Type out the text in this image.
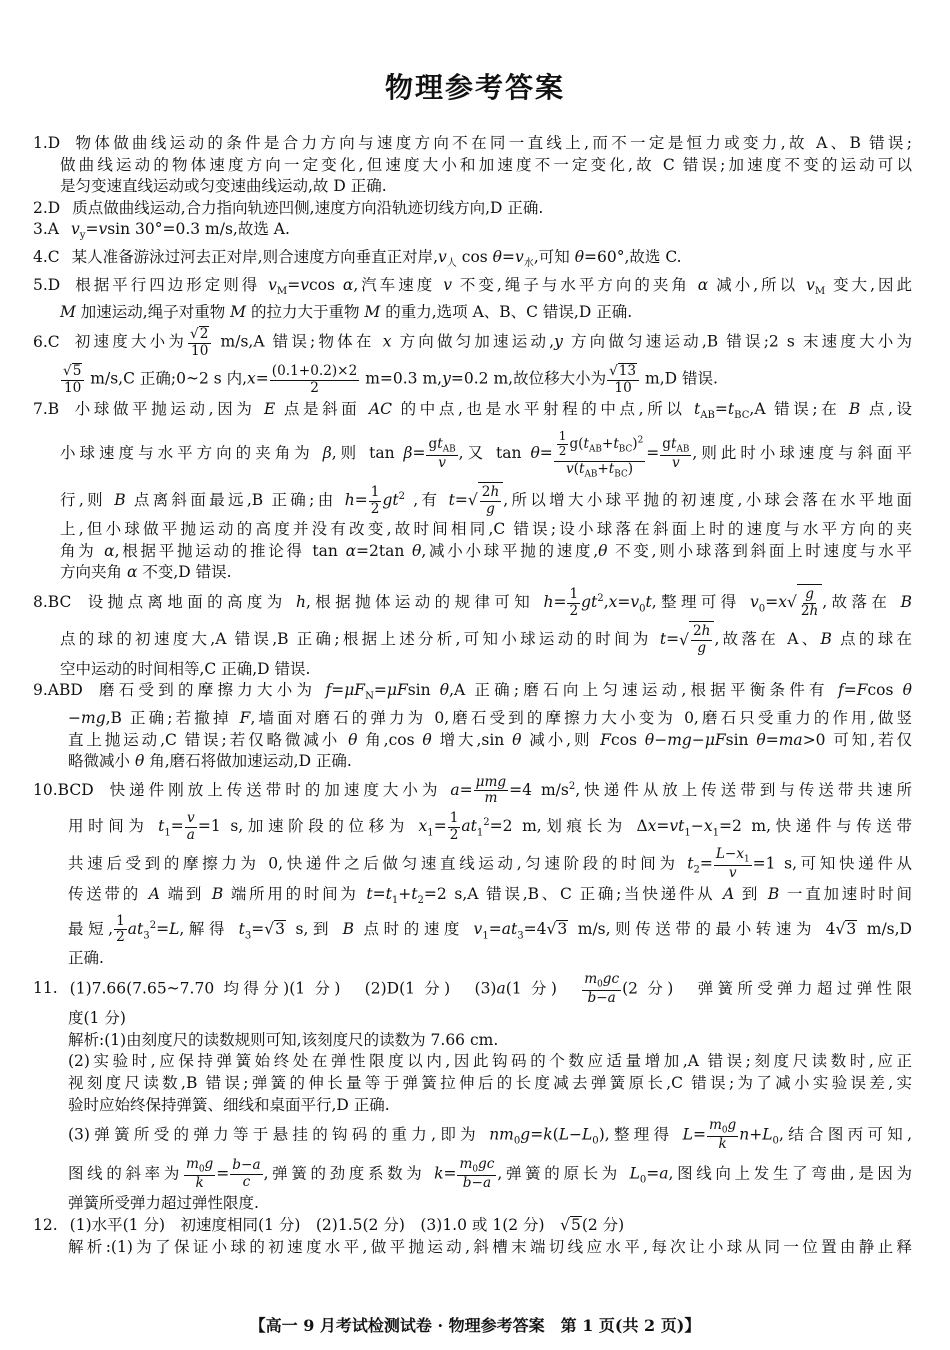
物理参考答案
1.D 物体做曲线运动的条件是合力方向与速度方向不在同一直线上,而不一定是恒力或变力,故 A、B 错误;
做曲线运动的物体速度方向一定变化,但速度大小和加速度不一定变化,故 C 错误;加速度不变的运动可以
是匀变速直线运动或匀变速曲线运动,故 D 正确.
2.D 质点做曲线运动,合力指向轨迹凹侧,速度方向沿轨迹切线方向,D 正确.
3.A $v_y=vsin$ 30°=0.3 m/s,故选 A.
4.C 某人准备游泳过河去正对岸,则合速度方向垂直正对岸$,v_人$ $\cos \theta=v_水$,可知 θ=60°,故选 C.
5.D 根据平行四边形定则得 $v_M=vcos$ α,汽车速度 v 不变,绳子与水平方向的夹角 α 减小,所以 $v_M$ 变大,因此
M 加速运动,绳子对重物 M 的拉力大于重物 M 的重力,选项 A、B、C 错误,D 正确.
6.C 初速度大小为 $\frac{√2}{10} m/s,A$ 错误;物体在 x 方向做匀加速运动,y 方向做匀速运动,B 错误;2 s 末速度大小为
$\frac{√5}{10} m/s,C$ 正确;0~2 s 内$,x= \frac{(0.1+0.2)\times 2}{2} m=0.3$ m,y=0.2 m,故位移大小为 $\frac{√13}{10} m,D$ 错误.
7.B 小球做平抛运动,因为 E 点是斜面 AC 的中点,也是水平射程的中点,所以 $t_{AB}=t_{BC},A$ 错误;在 B 点,设
小球速度与水平方向的夹角为 β,则 $\tan \beta= \frac{gt_{AB}}{v}$ ,又 $\tan \theta= \frac{\frac{1}{2} g(t_{AB}+t_{BC})^2}{v(t_{AB}+t_{BC})} = \frac{gt_{AB}}{v}$ ,则此时小球速度与斜面平
行,则 B 点离斜面最远,B 正确;由 $h= \frac{1}{2} gt^2$ ,有 $t=√ \frac{2h}{g}$ ,所以增大小球平抛的初速度,小球会落在水平地面
上,但小球做平抛运动的高度并没有改变,故时间相同,C 错误;设小球落在斜面上时的速度与水平方向的夹
角为 α,根据平抛运动的推论得 tan α=2tan θ,减小小球平抛的速度,θ 不变,则小球落到斜面上时速度与水平
方向夹角 α 不变,D 错误.
8.BC 设抛点离地面的高度为 h,根据抛体运动的规律可知 $h= \frac{1}{2} gt^2,x=v_0t$,整理可得 $v_0=x√ \frac{g}{2h}$ ,故落在 B
点的球的初速度大,A 错误,B 正确;根据上述分析,可知小球运动的时间为 $t=√ \frac{2h}{g}$ ,故落在 A、B 点的球在
空中运动的时间相等,C 正确,D 错误.
9.ABD 磨石受到的摩擦力大小为 $f=\mu F_N=\mu Fsin$ θ,A 正确;磨石向上匀速运动,根据平衡条件有 f=Fcos θ
−mg,B 正确;若撤掉 F,墙面对磨石的弹力为 0,磨石受到的摩擦力大小变为 0,磨石只受重力的作用,做竖
直上抛运动,C 错误;若仅略微减小 θ 角,cos θ 增大,sin θ 减小,则 Fcos θ−mg−μFsin θ=ma>0 可知,若仅
略微减小 θ 角,磨石将做加速运动,D 正确.
10.BCD 快递件刚放上传送带时的加速度大小为 $a= \frac{\text{μmg}}{m} =4$ $m/s^2$,快递件从放上传送带到与传送带共速所
用时间为 $t_1= \frac{v}{a} =1$ s,加速阶段的位移为 $x_1= \frac{1}{2} at_1^2=2$ m,划痕长为 $\Delta x=vt_1-x_1=2$ m,快递件与传送带
共速后受到的摩擦力为 0,快递件之后做匀速直线运动,匀速阶段的时间为 $t_2= \frac{L-x_1}{v} =1$ s,可知快递件从
传送带的 A 端到 B 端所用的时间为 $t=t_1+t_2=2$ s,A 错误,B、C 正确;当快递件从 A 到 B 一直加速时时间
最短, $\frac{1}{2} at_3^2=L$,解得 $t_3=√3$ s,到 B 点时的速度 $v_1=at_3=4√3$ m/s,则传送带的最小转速为 4√3 m/s,D
正确.
11. (1)7.66(7.65~7.70 均得分)(1 分)　(2)D(1 分)　(3)a(1 分)　 $\frac{m_0gc}{b-a} (2$ 分)　弹簧所受弹力超过弹性限
度(1 分)
解析:(1)由刻度尺的读数规则可知,该刻度尺的读数为 7.66 cm.
(2)实验时,应保持弹簧始终处在弹性限度以内,因此钩码的个数应适量增加,A 错误;刻度尺读数时,应正
视刻度尺读数,B 错误;弹簧的伸长量等于弹簧拉伸后的长度减去弹簧原长,C 错误;为了减小实验误差,实
验时应始终保持弹簧、细线和桌面平行,D 正确.
(3)弹簧所受的弹力等于悬挂的钩码的重力,即为 $nm_0g=k(L-L_0)$,整理得 $L= \frac{m_0g}{k} n+L_0$,结合图丙可知,
图线的斜率为 $\frac{m_0g}{k} = \frac{b-a}{c}$ ,弹簧的劲度系数为 $k= \frac{m_0gc}{b-a}$ ,弹簧的原长为 $L_0=a$,图线向上发生了弯曲,是因为
弹簧所受弹力超过弹性限度.
12. (1)水平(1 分)　初速度相同(1 分)　(2)1.5(2 分)　(3)1.0 或 1(2 分)　√5(2 分)
解析:(1)为了保证小球的初速度水平,做平抛运动,斜槽末端切线应水平,每次让小球从同一位置由静止释
【高一 9 月考试检测试卷 · 物理参考答案　第 1 页(共 2 页)】
